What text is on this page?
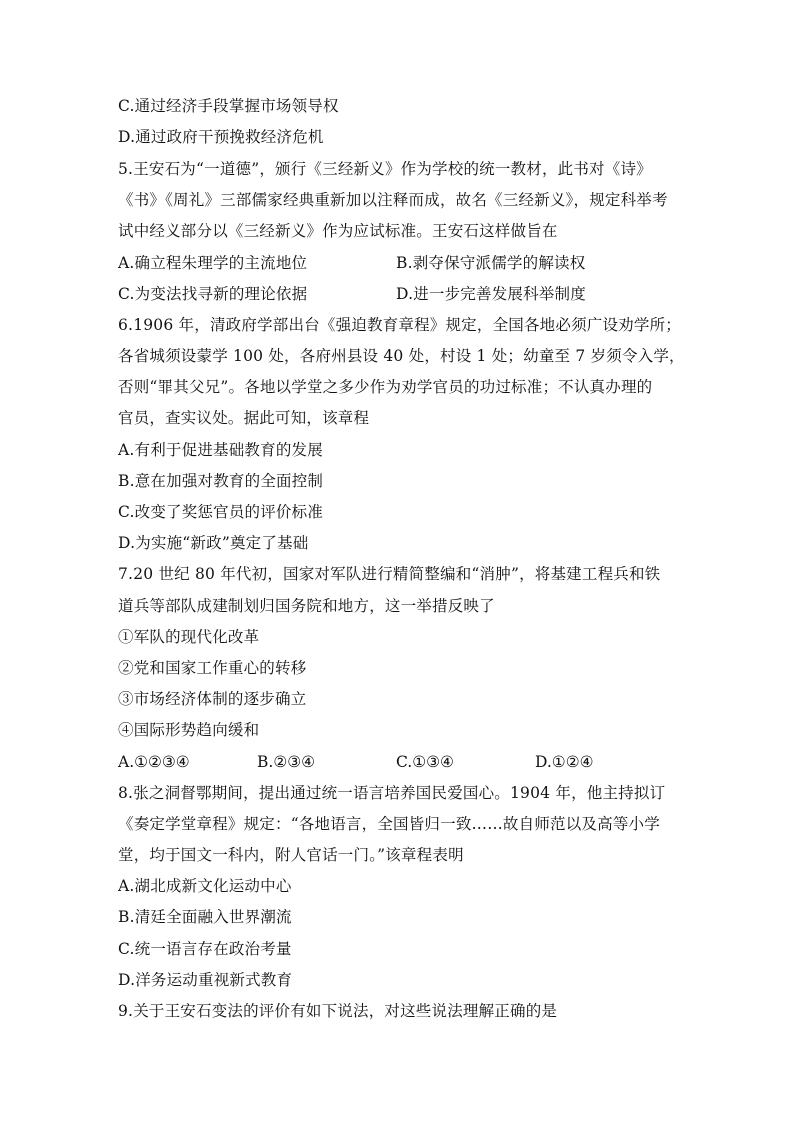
C.通过经济手段掌握市场领导权
D.通过政府干预挽救经济危机
5.王安石为“一道德”，颁行《三经新义》作为学校的统一教材，此书对《诗》
《书》《周礼》三部儒家经典重新加以注释而成，故名《三经新义》，规定科举考
试中经义部分以《三经新义》作为应试标准。王安石这样做旨在
A.确立程朱理学的主流地位	B.剥夺保守派儒学的解读权
C.为变法找寻新的理论依据	D.进一步完善发展科举制度
6.1906 年，清政府学部出台《强迫教育章程》规定，全国各地必须广设劝学所；
各省城须设蒙学 100 处，各府州县设 40 处，村设 1 处；幼童至 7 岁须令入学，
否则“罪其父兄”。各地以学堂之多少作为劝学官员的功过标准；不认真办理的
官员，查实议处。据此可知，该章程
A.有利于促进基础教育的发展
B.意在加强对教育的全面控制
C.改变了奖惩官员的评价标准
D.为实施“新政”奠定了基础
7.20 世纪 80 年代初，国家对军队进行精简整编和“消肿”，将基建工程兵和铁
道兵等部队成建制划归国务院和地方，这一举措反映了
①军队的现代化改革
②党和国家工作重心的转移
③市场经济体制的逐步确立
④国际形势趋向缓和
A.①②③④	B.②③④	C.①③④	D.①②④
8.张之洞督鄂期间，提出通过统一语言培养国民爱国心。1904 年，他主持拟订
《奏定学堂章程》规定：“各地语言，全国皆归一致……故自师范以及高等小学
堂，均于国文一科内，附人官话一门。”该章程表明
A.湖北成新文化运动中心
B.清廷全面融入世界潮流
C.统一语言存在政治考量
D.洋务运动重视新式教育
9.关于王安石变法的评价有如下说法，对这些说法理解正确的是
